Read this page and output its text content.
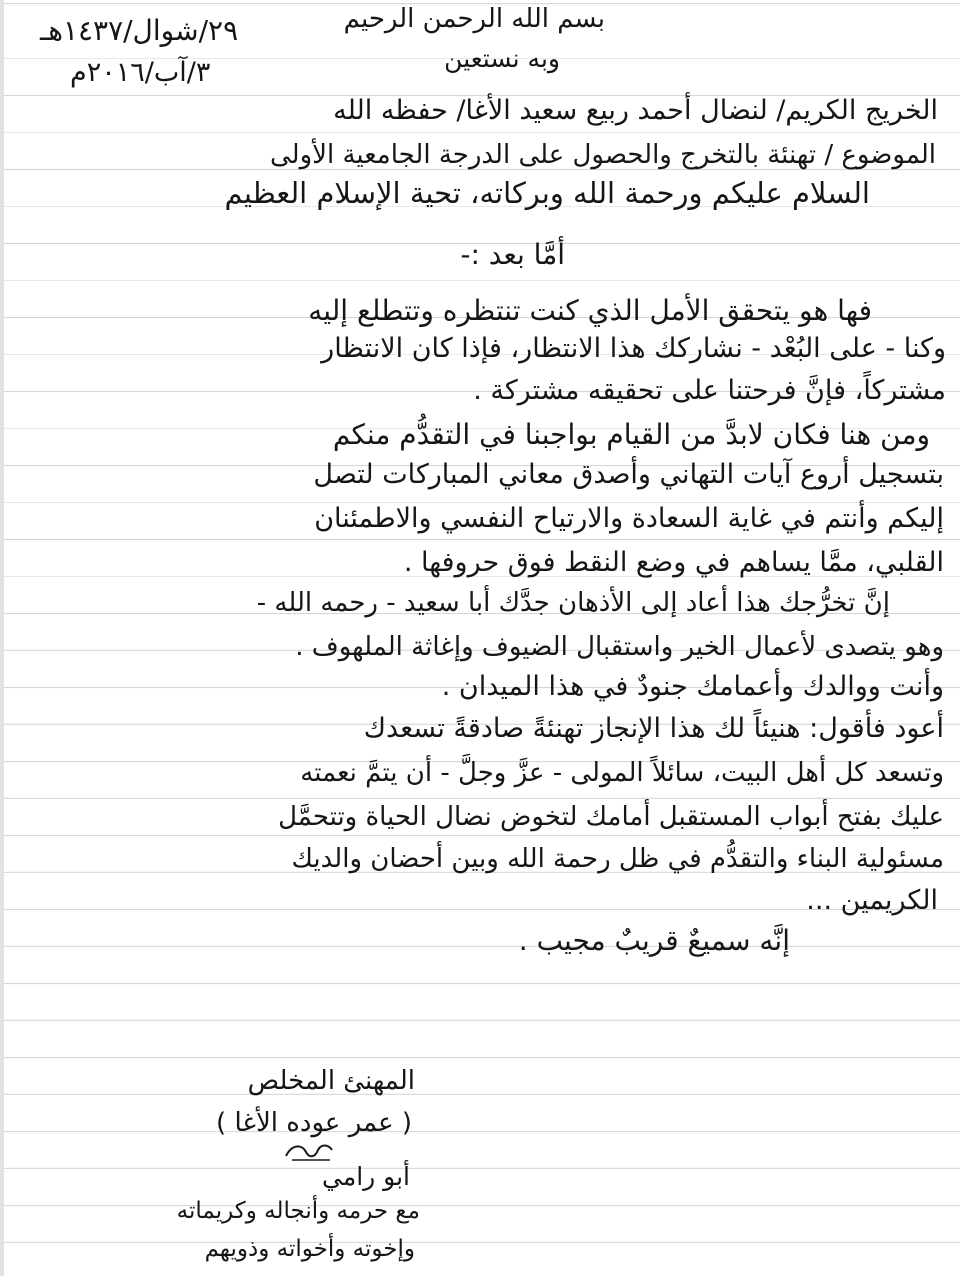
بسم الله الرحمن الرحيم
وبه نستعين
٢٩/شوال/١٤٣٧هـ
٣/آب/٢٠١٦م
الخريج الكريم/ لنضال أحمد ربيع سعيد الأغا/ حفظه الله
الموضوع / تهنئة بالتخرج والحصول على الدرجة الجامعية الأولى
السلام عليكم ورحمة الله وبركاته، تحية الإسلام العظيم
أمَّا بعد :-
فها هو يتحقق الأمل الذي كنت تنتظره وتتطلع إليه
وكنا - على البُعْد - نشاركك هذا الانتظار، فإذا كان الانتظار
مشتركاً، فإنَّ فرحتنا على تحقيقه مشتركة .
ومن هنا فكان لابدَّ من القيام بواجبنا في التقدُّم منكم
بتسجيل أروع آيات التهاني وأصدق معاني المباركات لتصل
إليكم وأنتم في غاية السعادة والارتياح النفسي والاطمئنان
القلبي، ممَّا يساهم في وضع النقط فوق حروفها .
إنَّ تخرُّجك هذا أعاد إلى الأذهان جدَّك أبا سعيد - رحمه الله -
وهو يتصدى لأعمال الخير واستقبال الضيوف وإغاثة الملهوف .
وأنت ووالدك وأعمامك جنودٌ في هذا الميدان .
أعود فأقول: هنيئاً لك هذا الإنجاز تهنئةً صادقةً تسعدك
وتسعد كل أهل البيت، سائلاً المولى - عزَّ وجلَّ - أن يتمَّ نعمته
عليك بفتح أبواب المستقبل أمامك لتخوض نضال الحياة وتتحمَّل
مسئولية البناء والتقدُّم في ظل رحمة الله وبين أحضان والديك
الكريمين ...
إنَّه سميعٌ قريبٌ مجيب .
المهنئ المخلص
( عمر عوده الأغا )
أبو رامي
مع حرمه وأنجاله وكريماته
وإخوته وأخواته وذويهم
